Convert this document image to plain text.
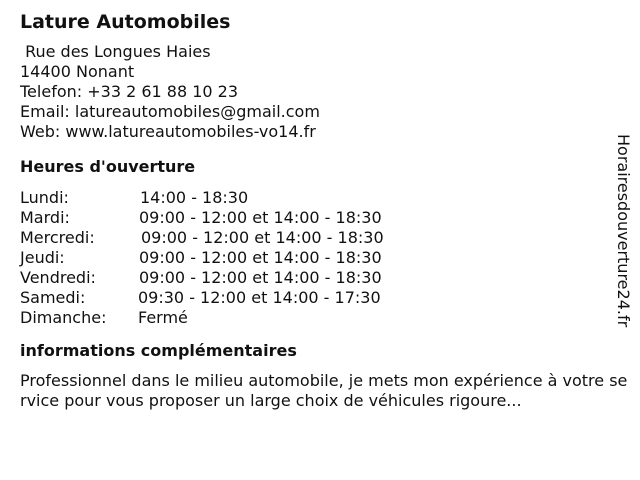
Lature Automobiles
Rue des Longues Haies
14400 Nonant
Telefon: +33 2 61 88 10 23
Email: latureautomobiles@gmail.com
Web: www.latureautomobiles-vo14.fr
Heures d'ouverture
Lundi:	14:00 - 18:30
Mardi:	09:00 - 12:00 et 14:00 - 18:30
Mercredi:	09:00 - 12:00 et 14:00 - 18:30
Jeudi:	09:00 - 12:00 et 14:00 - 18:30
Vendredi:	09:00 - 12:00 et 14:00 - 18:30
Samedi:	09:30 - 12:00 et 14:00 - 17:30
Dimanche: Fermé
informations complémentaires

Professionnel dans le milieu automobile, je mets mon expérience à votre service pour vous proposer un large choix de véhicules rigoure...

Horairesdouverture24.fr
